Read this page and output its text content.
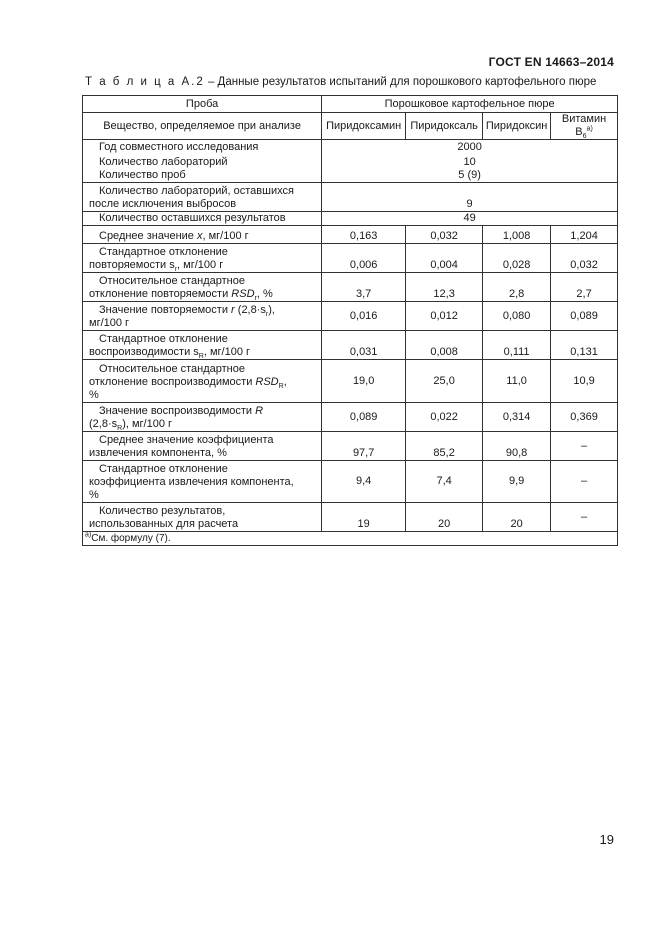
ГОСТ EN 14663–2014
Т а б л и ц а А.2 – Данные результатов испытаний для порошкового картофельного пюре
Проба	Порошковое картофельное пюре			
Вещество, определяемое при анализе	Пиридоксамин	Пиридоксаль	Пиридоксин	Витамин $B_6^{а)}$
Год совместного исследования	2000			
Количество лабораторий	10			
Количество проб	5 (9)			
Количество лабораторий, оставшихся
после исключения выбросов	9			
Количество оставшихся результатов	49			
Среднее значение x, мг/100 г	0,163	0,032	1,008	1,204
Стандартное отклонение
повторяемости $s_r$, мг/100 г	0,006	0,004	0,028	0,032
Относительное стандартное
отклонение повторяемости $RSD_r$, %	3,7	12,3	2,8	2,7
Значение повторяемости r $(2,8\cdot s_r)$,
мг/100 г	0,016	0,012	0,080	0,089
Стандартное отклонение
воспроизводимости $s_R$, мг/100 г	0,031	0,008	0,111	0,131
Относительное стандартное
отклонение воспроизводимости $RSD_R$,
%	19,0	25,0	11,0	10,9
Значение воспроизводимости R
$(2,8\cdot s_R)$, мг/100 г	0,089	0,022	0,314	0,369
Среднее значение коэффициента
извлечения компонента, %	97,7	85,2	90,8	–
Стандартное отклонение
коэффициента извлечения компонента,
%	9,4	7,4	9,9	–
Количество результатов,
использованных для расчета	19	20	20	–
$^{а)}$См. формулу (7).				
19
